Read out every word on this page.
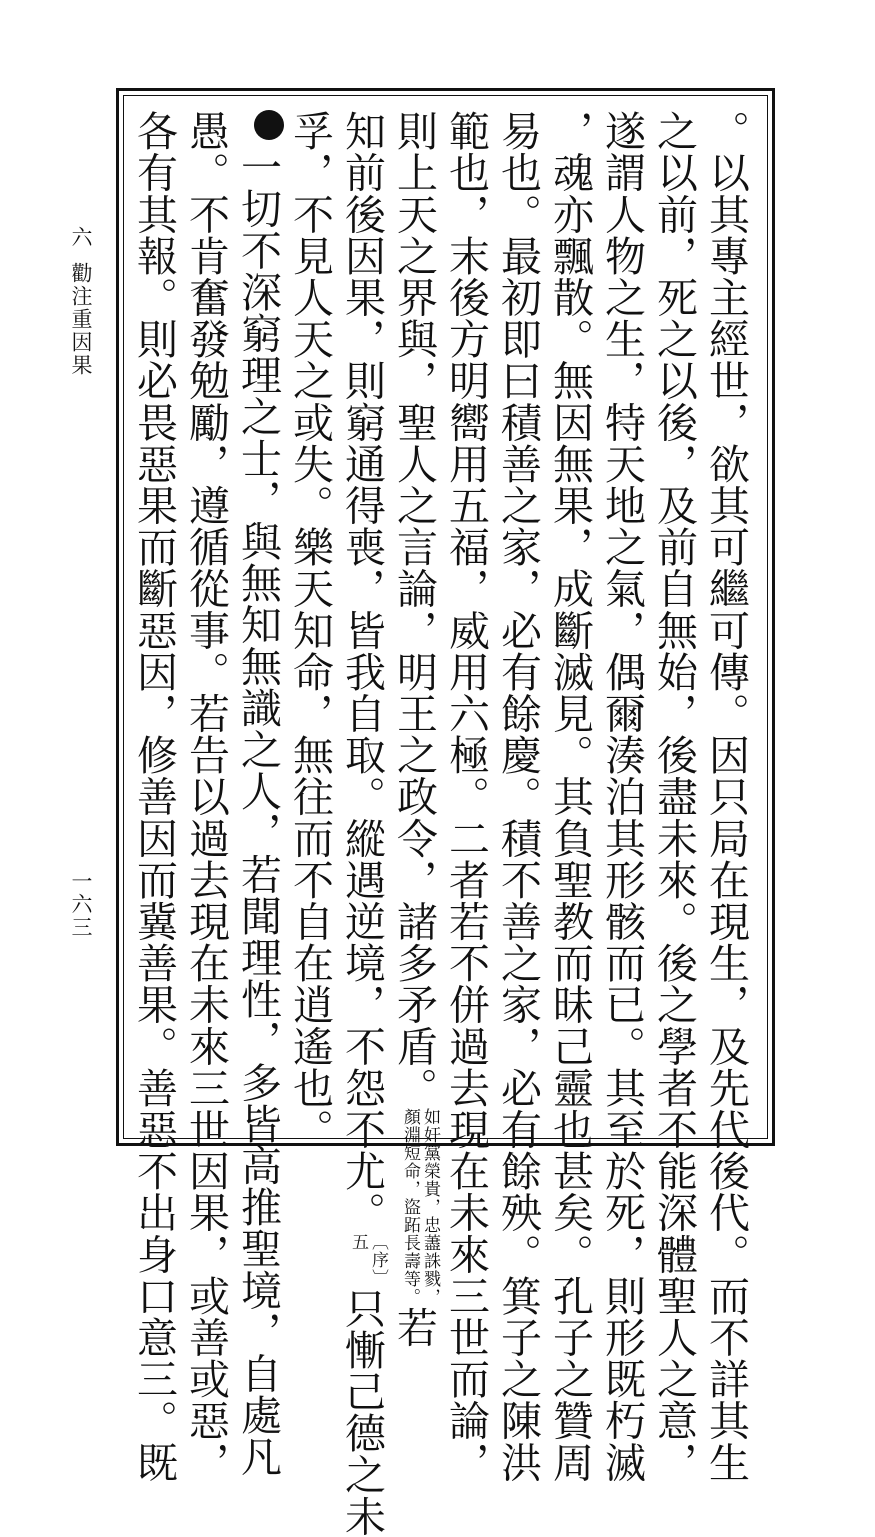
六
勸注重因果
一六三	。以其專主經世，欲其可繼可傳。因只局在現生，及先代後代。而不詳其生
之以前，死之以後，及前自無始，後盡未來。後之學者不能深體聖人之意，
遂謂人物之生，特天地之氣，偶爾湊泊其形骸而已。其至於死，則形既朽滅
，魂亦飄散。無因無果，成斷滅見。其負聖教而昧己靈也甚矣。孔子之贊周
易也。最初即曰積善之家，必有餘慶。積不善之家，必有餘殃。箕子之陳洪
範也，末後方明嚮用五福，威用六極。二者若不併過去現在未來三世而論，
則上天之界與，聖人之言論，明王之政令，諸多矛盾。如奸黨榮貴，忠藎誅戮，
顏淵短命，盜跖長壽等。若
知前後因果，則窮通得喪，皆我自取。縱遇逆境，不怨不尤。〔序〕
五只慚己德之未
孚，不見人天之或失。樂天知命，無往而不自在逍遙也。
一切不深窮理之士，與無知無識之人，若聞理性，多皆高推聖境，自處凡
愚。不肯奮發勉勵，遵循從事。若告以過去現在未來三世因果，或善或惡，
各有其報。則必畏惡果而斷惡因，修善因而冀善果。善惡不出身口意三。既
